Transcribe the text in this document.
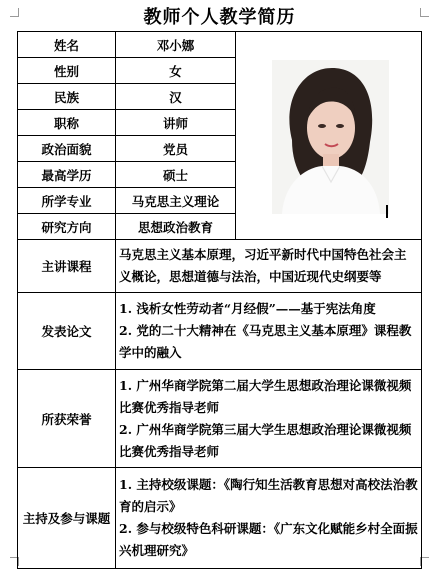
教师个人教学简历
姓名	邓小娜	

性别	女	
民族	汉	
职称	讲师	
政治面貌	党员	
最高学历	硕士	
所学专业	马克思主义理论	
研究方向	思想政治教育	
主讲课程	马克思主义基本原理，习近平新时代中国特色社会主义概论，思想道德与法治，中国近现代史纲要等	
发表论文	1. 浅析女性劳动者“月经假”——基于宪法角度
2. 党的二十大精神在《马克思主义基本原理》课程教学中的融入	

所获荣誉	1. 广州华商学院第二届大学生思想政治理论课微视频比赛优秀指导老师
2. 广州华商学院第三届大学生思想政治理论课微视频比赛优秀指导老师	

主持及参与课题	1. 主持校级课题：《陶行知生活教育思想对高校法治教育的启示》
2. 参与校级特色科研课题：《广东文化赋能乡村全面振兴机理研究》	
